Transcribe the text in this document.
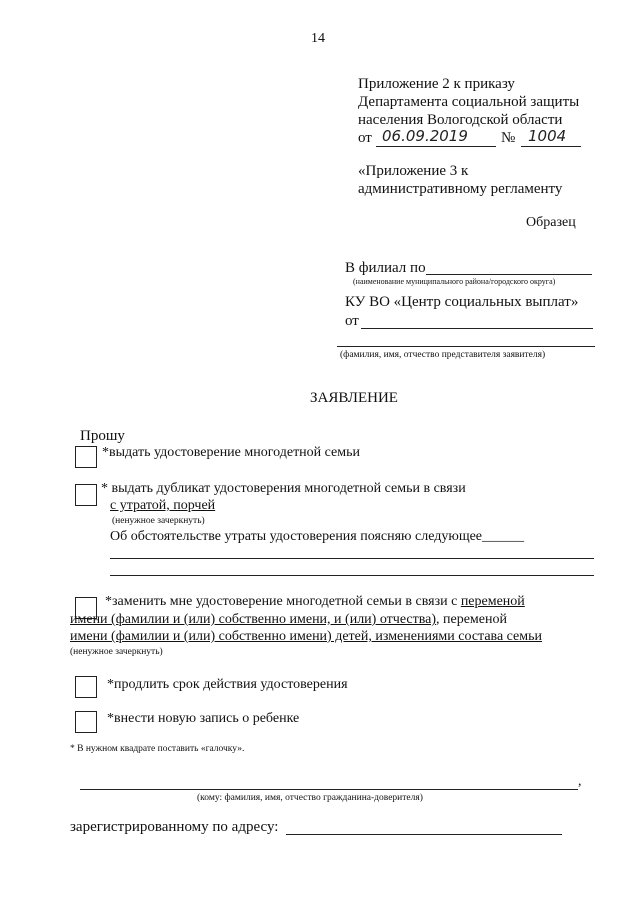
14
Приложение 2 к приказу
Департамента социальной защиты
населения Вологодской области
от 06.09.2019 № 1004
«Приложение 3 к
административному регламенту
Образец
В филиал по
(наименование муниципального района/городского округа)
КУ ВО «Центр социальных выплат»
от
(фамилия, имя, отчество представителя заявителя)
ЗАЯВЛЕНИЕ
Прошу
*выдать удостоверение многодетной семьи
* выдать дубликат удостоверения многодетной семьи в связи
с утратой, порчей
(ненужное зачеркнуть)
Об обстоятельстве утраты удостоверения поясняю следующее______
*заменить мне удостоверение многодетной семьи в связи с переменой
имени (фамилии и (или) собственно имени, и (или) отчества), переменой
имени (фамилии и (или) собственно имени) детей, изменениями состава семьи
(ненужное зачеркнуть)
*продлить срок действия удостоверения
*внести новую запись о ребенке
* В нужном квадрате поставить «галочку».
,
(кому: фамилия, имя, отчество гражданина-доверителя)
зарегистрированному по адресу:
